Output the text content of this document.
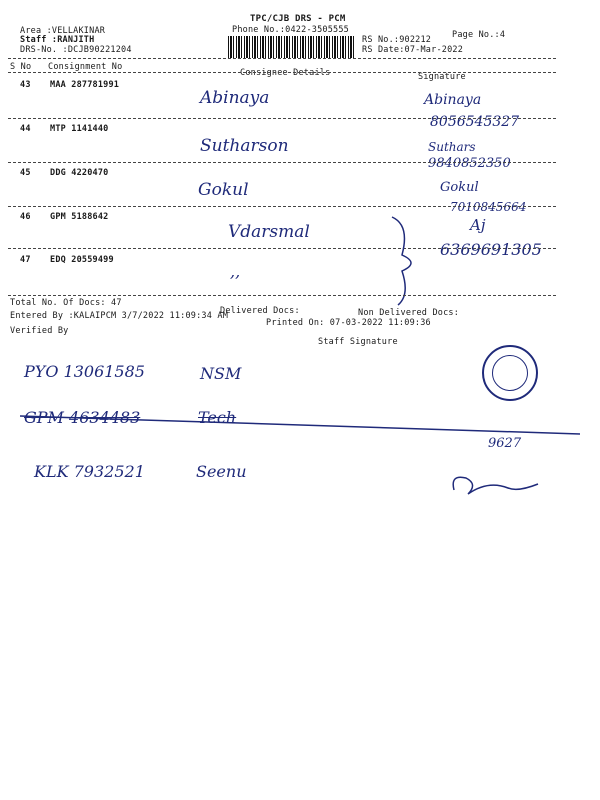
TPC/CJB DRS - PCM
Phone No.:0422-3505555
Area :VELLAKINAR
Staff :RANJITH
DRS-No. :DCJB90221204
RS No.:902212
RS Date:07-Mar-2022
Page No.:4
S No Consignment No
Consignee Details	Signature
43 MAA 287781991
Abinaya	Abinaya
8056545327
44 MTP 1141440
Sutharson	Suthars
9840852350
45 DDG 4220470
Gokul	Gokul
7010845664
46 GPM 5188642
Vdarsmal	Aj
6369691305
47 EDQ 20559499
,,
Total No. Of Docs: 47
Delivered Docs:	Non Delivered Docs:
Entered By :KALAIPCM 3/7/2022 11:09:34 AM
Printed On: 07-03-2022 11:09:36
Verified By
Staff Signature
PYO 13061585	NSM
GPM 4634483	Tech
9627
KLK 7932521	Seenu
